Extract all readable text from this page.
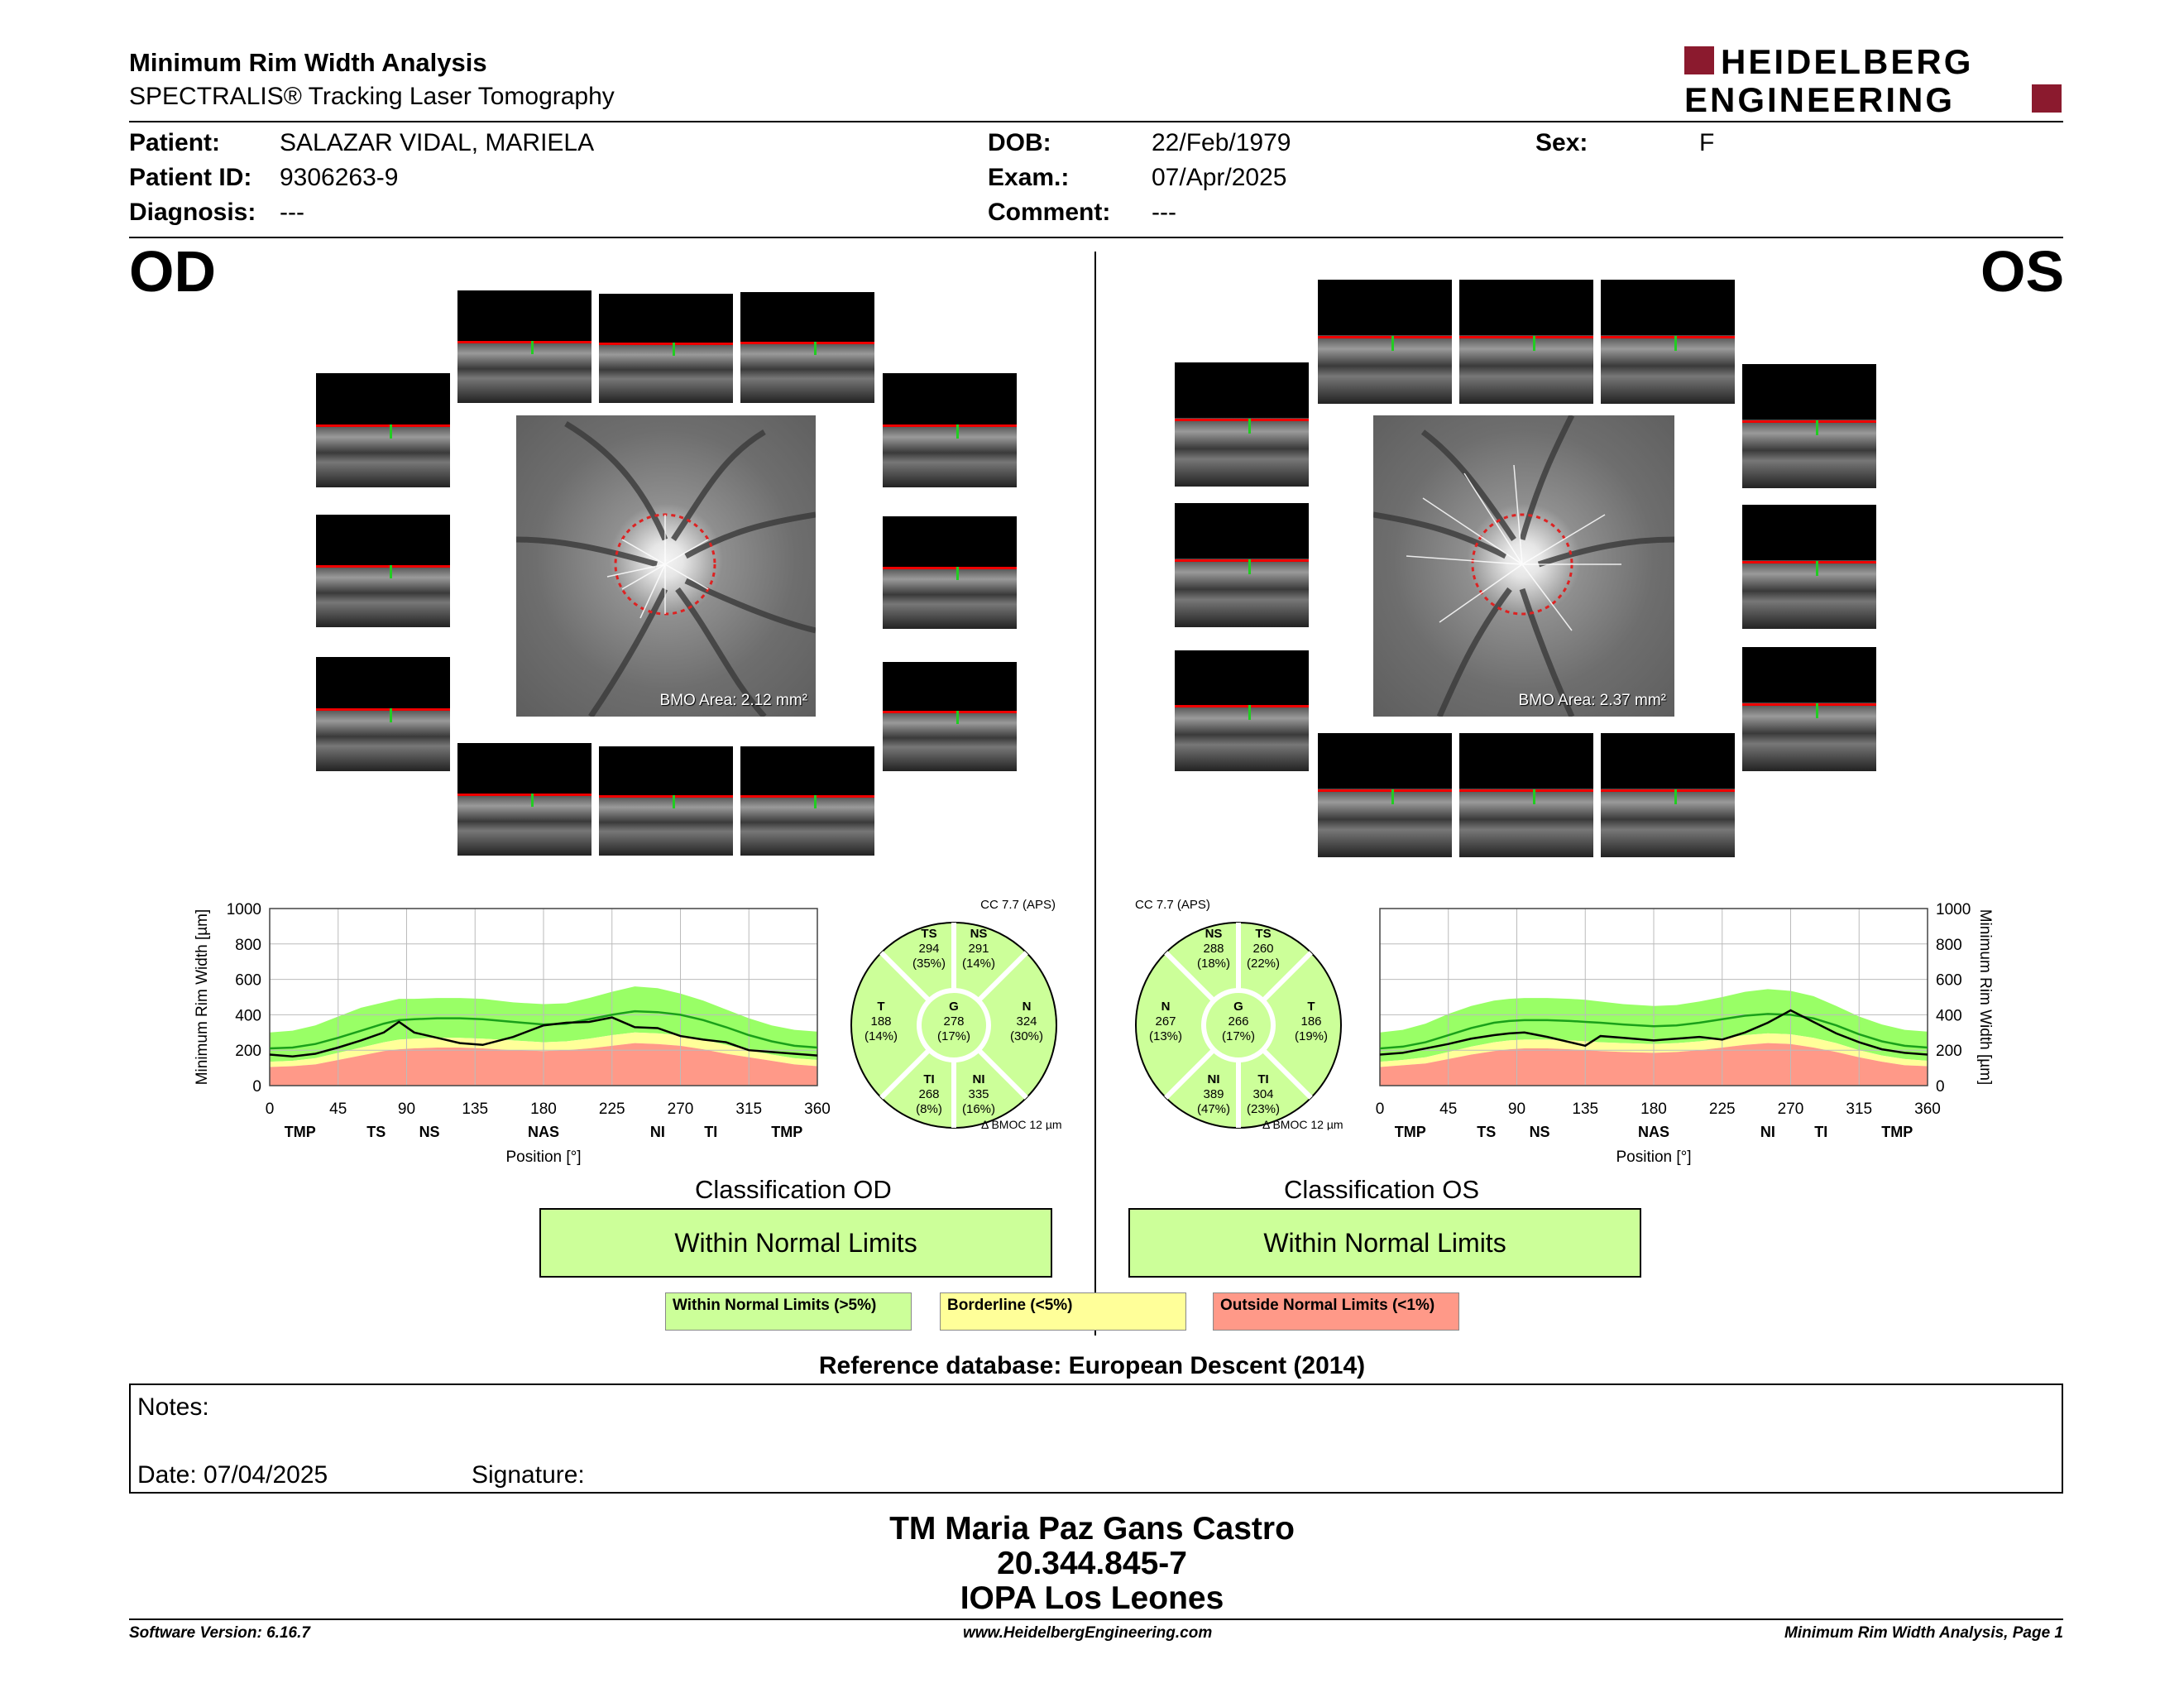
Minimum Rim Width Analysis
SPECTRALIS® Tracking Laser Tomography
HEIDELBERG
ENGINEERING
Patient: SALAZAR VIDAL, MARIELA
Patient ID: 9306263-9
Diagnosis: ---
DOB:	22/Feb/1979
Exam.:	07/Apr/2025
Comment: ---
Sex:	F
OD	OS
BMO Area: 2.12 mm²	BMO Area: 2.37 mm²
0
200
400
600
800
1000
0	45	90	135	180	225	270	315	360
TMP	TS NS	NAS	NI	TI	TMP
Position [°]
Minimum Rim Width [µm]
0
200
400
600
800
1000
0	45	90	135	180	225	270	315	360
TMP	TS NS	NAS	NI	TI	TMP
Position [°]
Minimum Rim Width [µm]
CC 7.7 (APS)
TS
294
(35%)
NS
291
(14%)
T
188
(14%)
G
278
(17%)
N
324
(30%)
TI
268
(8%)
NI
335
(16%)
Δ BMOC 12 µm
CC 7.7 (APS)
NS
288
(18%)
TS
260
(22%)
N
267
(13%)
G
266
(17%)
T
186
(19%)
NI
389
(47%)
TI
304
(23%)
Δ BMOC 12 µm
Classification OD
Within Normal Limits
Classification OS
Within Normal Limits
Within Normal Limits (>5%)	Borderline (<5%)	Outside Normal Limits (<1%)
Reference database: European Descent (2014)
Notes:
Date: 07/04/2025	Signature:
TM Maria Paz Gans Castro
20.344.845-7
IOPA Los Leones
Software Version: 6.16.7	www.HeidelbergEngineering.com	Minimum Rim Width Analysis, Page 1
